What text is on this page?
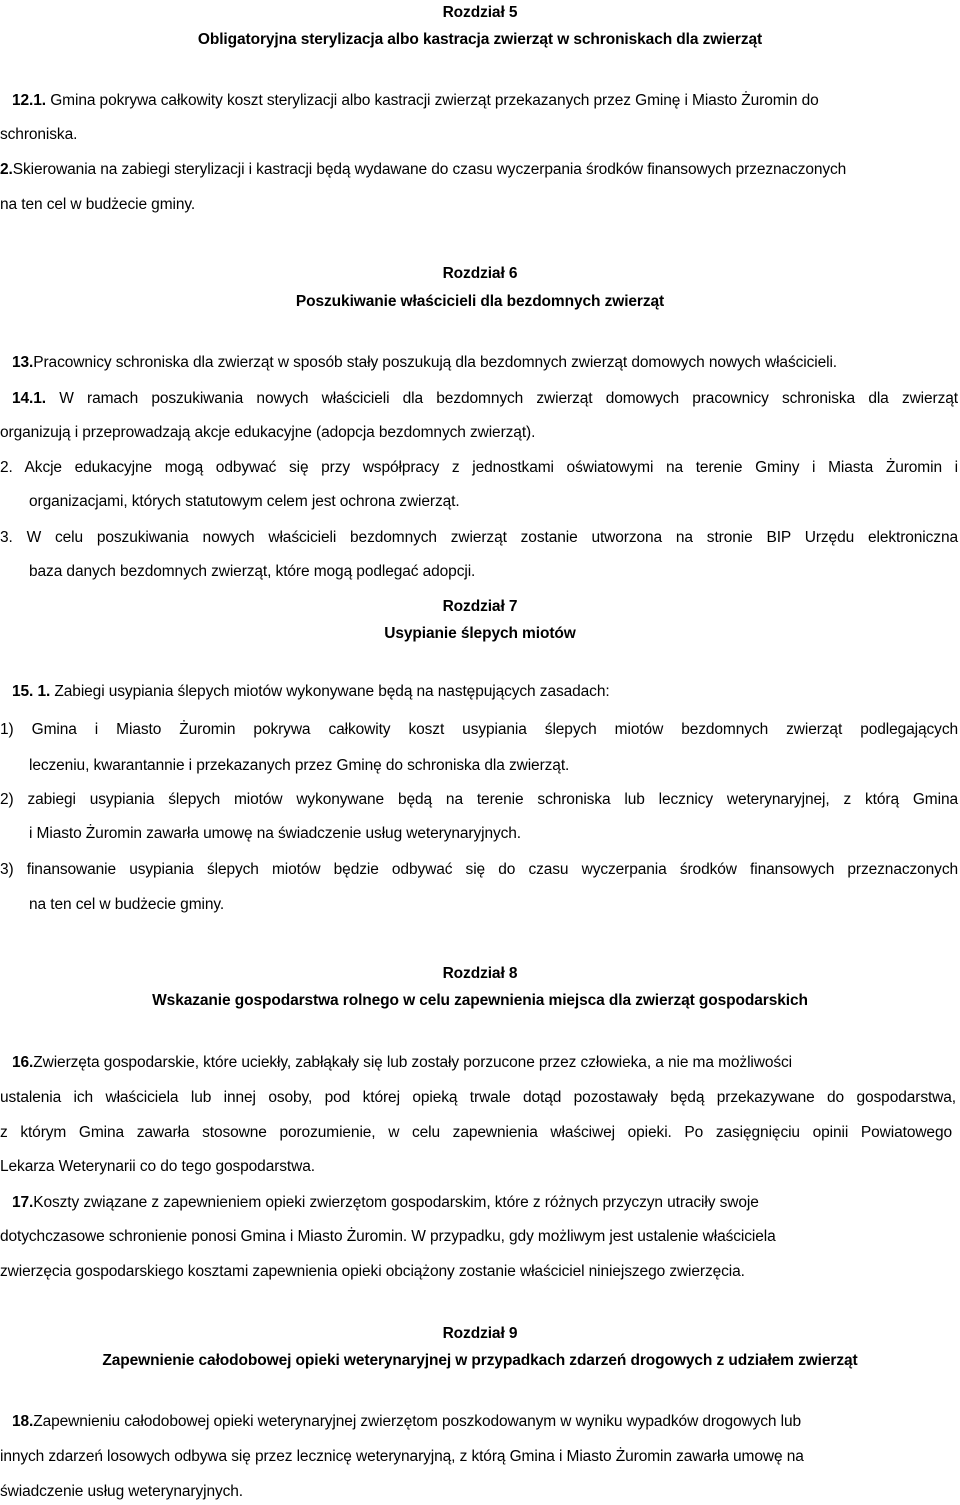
Rozdział 5
Obligatoryjna sterylizacja albo kastracja zwierząt w schroniskach dla zwierząt
12.1. Gmina pokrywa całkowity koszt sterylizacji albo kastracji zwierząt przekazanych przez Gminę i Miasto Żuromin do
schroniska.
2.Skierowania na zabiegi sterylizacji i kastracji będą wydawane do czasu wyczerpania środków finansowych przeznaczonych
na ten cel w budżecie gminy.
Rozdział 6
Poszukiwanie właścicieli dla bezdomnych zwierząt
13.Pracownicy schroniska dla zwierząt w sposób stały poszukują dla bezdomnych zwierząt domowych nowych właścicieli.
14.1. W ramach poszukiwania nowych właścicieli dla bezdomnych zwierząt domowych pracownicy schroniska dla zwierząt
organizują i przeprowadzają akcje edukacyjne (adopcja bezdomnych zwierząt).
2. Akcje edukacyjne mogą odbywać się przy współpracy z jednostkami oświatowymi na terenie Gminy i Miasta Żuromin i
organizacjami, których statutowym celem jest ochrona zwierząt.
3. W celu poszukiwania nowych właścicieli bezdomnych zwierząt zostanie utworzona na stronie BIP Urzędu elektroniczna
baza danych bezdomnych zwierząt, które mogą podlegać adopcji.
Rozdział 7
Usypianie ślepych miotów
15. 1. Zabiegi usypiania ślepych miotów wykonywane będą na następujących zasadach:
1) Gmina i Miasto Żuromin pokrywa całkowity koszt usypiania ślepych miotów bezdomnych zwierząt podlegających
leczeniu, kwarantannie i przekazanych przez Gminę do schroniska dla zwierząt.
2) zabiegi usypiania ślepych miotów wykonywane będą na terenie schroniska lub lecznicy weterynaryjnej, z którą Gmina
i Miasto Żuromin zawarła umowę na świadczenie usług weterynaryjnych.
3) finansowanie usypiania ślepych miotów będzie odbywać się do czasu wyczerpania środków finansowych przeznaczonych
na ten cel w budżecie gminy.
Rozdział 8
Wskazanie gospodarstwa rolnego w celu zapewnienia miejsca dla zwierząt gospodarskich
16.Zwierzęta gospodarskie, które uciekły, zabłąkały się lub zostały porzucone przez człowieka, a nie ma możliwości
ustalenia ich właściciela lub innej osoby, pod której opieką trwale dotąd pozostawały będą przekazywane do gospodarstwa,
z którym Gmina zawarła stosowne porozumienie, w celu zapewnienia właściwej opieki. Po zasięgnięciu opinii Powiatowego
Lekarza Weterynarii co do tego gospodarstwa.
17.Koszty związane z zapewnieniem opieki zwierzętom gospodarskim, które z różnych przyczyn utraciły swoje
dotychczasowe schronienie ponosi Gmina i Miasto Żuromin. W przypadku, gdy możliwym jest ustalenie właściciela
zwierzęcia gospodarskiego kosztami zapewnienia opieki obciążony zostanie właściciel niniejszego zwierzęcia.
Rozdział 9
Zapewnienie całodobowej opieki weterynaryjnej w przypadkach zdarzeń drogowych z udziałem zwierząt
18.Zapewnieniu całodobowej opieki weterynaryjnej zwierzętom poszkodowanym w wyniku wypadków drogowych lub
innych zdarzeń losowych odbywa się przez lecznicę weterynaryjną, z którą Gmina i Miasto Żuromin zawarła umowę na
świadczenie usług weterynaryjnych.
